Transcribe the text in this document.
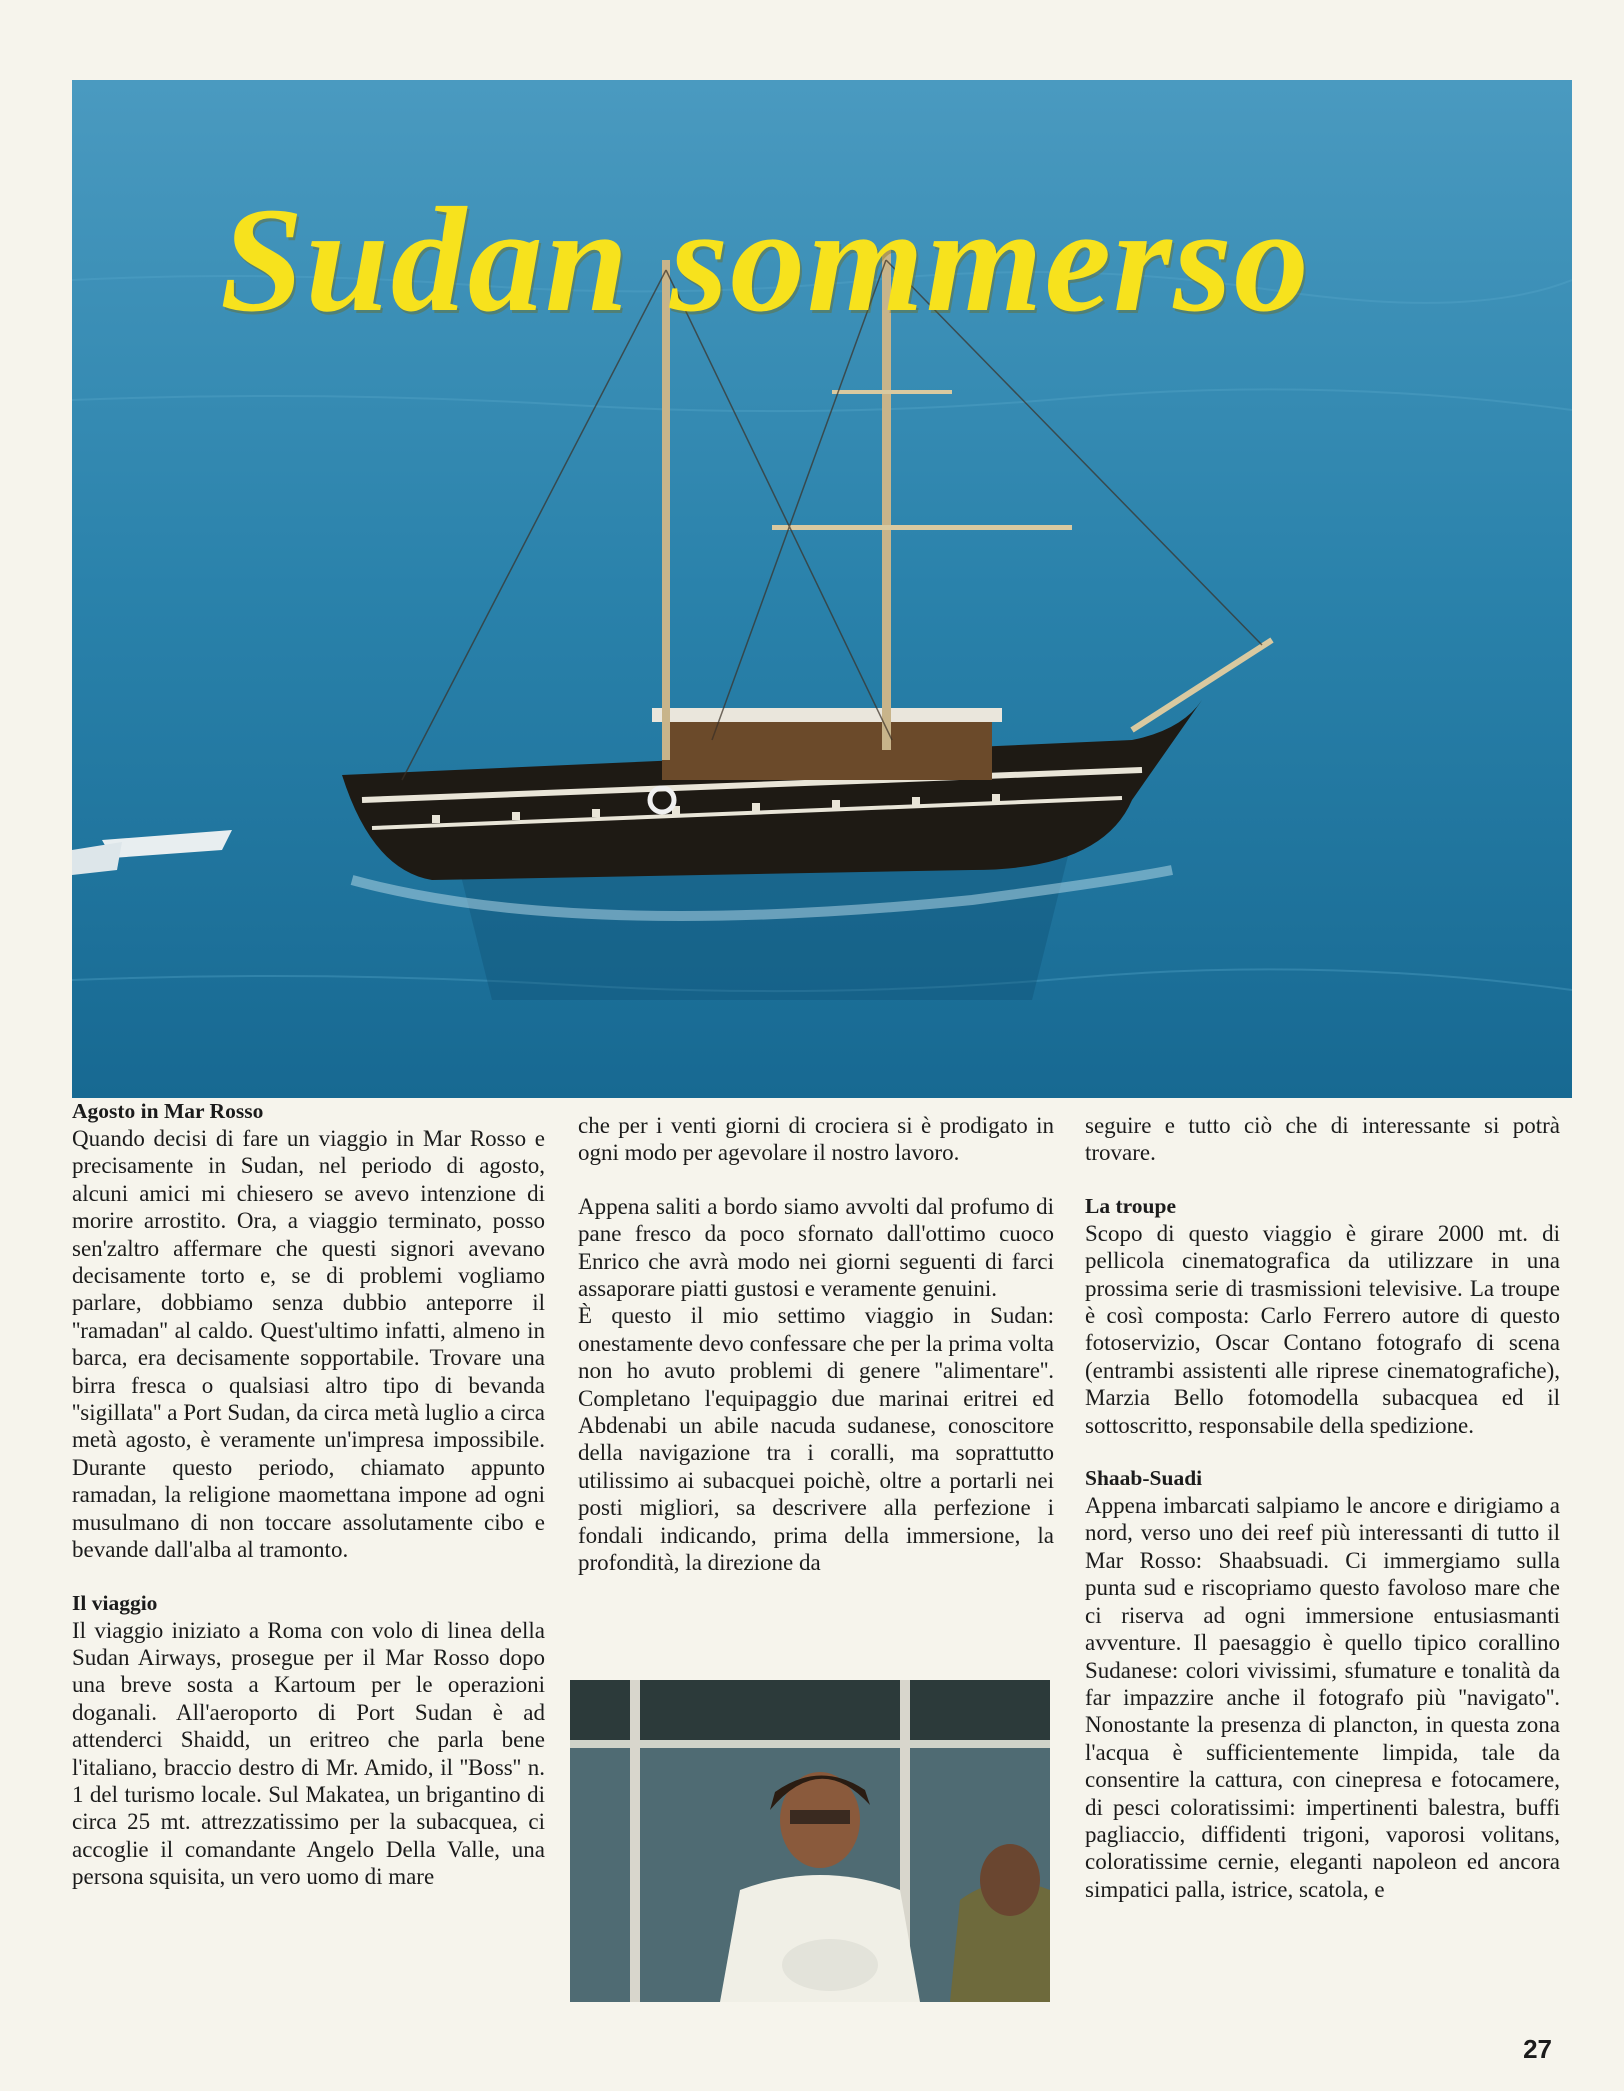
Sudan sommerso
Agosto in Mar Rosso

Quando decisi di fare un viaggio in Mar Rosso e precisamente in Sudan, nel periodo di agosto, alcuni amici mi chiesero se avevo intenzione di morire arrostito. Ora, a viaggio terminato, posso sen'zaltro affermare che questi signori avevano decisamente torto e, se di problemi vogliamo parlare, dobbiamo senza dubbio anteporre il ''ramadan'' al caldo. Quest'ultimo infatti, almeno in barca, era decisamente sopportabile. Trovare una birra fresca o qualsiasi altro tipo di bevanda ''sigillata'' a Port Sudan, da circa metà luglio a circa metà agosto, è veramente un'impresa impossibile. Durante questo periodo, chiamato appunto ramadan, la religione maomettana impone ad ogni musulmano di non toccare assolutamente cibo e bevande dall'alba al tramonto.

Il viaggio

Il viaggio iniziato a Roma con volo di linea della Sudan Airways, prosegue per il Mar Rosso dopo una breve sosta a Kartoum per le operazioni doganali. All'aeroporto di Port Sudan è ad attenderci Shaidd, un eritreo che parla bene l'italiano, braccio destro di Mr. Amido, il ''Boss'' n. 1 del turismo locale. Sul Makatea, un brigantino di circa 25 mt. attrezzatissimo per la subacquea, ci accoglie il comandante Angelo Della Valle, una persona squisita, un vero uomo di mare

che per i venti giorni di crociera si è prodigato in ogni modo per agevolare il nostro lavoro.

Appena saliti a bordo siamo avvolti dal profumo di pane fresco da poco sfornato dall'ottimo cuoco Enrico che avrà modo nei giorni seguenti di farci assaporare piatti gustosi e veramente genuini.

È questo il mio settimo viaggio in Sudan: onestamente devo confessare che per la prima volta non ho avuto problemi di genere ''alimentare''. Completano l'equipaggio due marinai eritrei ed Abdenabi un abile nacuda sudanese, conoscitore della navigazione tra i coralli, ma soprattutto utilissimo ai subacquei poichè, oltre a portarli nei posti migliori, sa descrivere alla perfezione i fondali indicando, prima della immersione, la profondità, la direzione da

seguire e tutto ciò che di interessante si potrà trovare.

La troupe

Scopo di questo viaggio è girare 2000 mt. di pellicola cinematografica da utilizzare in una prossima serie di trasmissioni televisive. La troupe è così composta: Carlo Ferrero autore di questo fotoservizio, Oscar Contano fotografo di scena (entrambi assistenti alle riprese cinematografiche), Marzia Bello fotomodella subacquea ed il sottoscritto, responsabile della spedizione.

Shaab-Suadi

Appena imbarcati salpiamo le ancore e dirigiamo a nord, verso uno dei reef più interessanti di tutto il Mar Rosso: Shaabsuadi. Ci immergiamo sulla punta sud e riscopriamo questo favoloso mare che ci riserva ad ogni immersione entusiasmanti avventure. Il paesaggio è quello tipico corallino Sudanese: colori vivissimi, sfumature e tonalità da far impazzire anche il fotografo più ''navigato''. Nonostante la presenza di plancton, in questa zona l'acqua è sufficientemente limpida, tale da consentire la cattura, con cinepresa e fotocamere, di pesci coloratissimi: impertinenti balestra, buffi pagliaccio, diffidenti trigoni, vaporosi volitans, coloratissime cernie, eleganti napoleon ed ancora simpatici palla, istrice, scatola, e

27
